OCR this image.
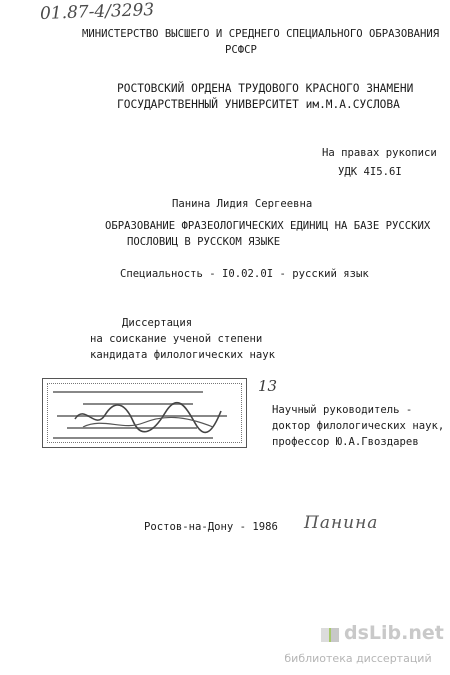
01.87-4/3293
МИНИСТЕРСТВО ВЫСШЕГО И СРЕДНЕГО СПЕЦИАЛЬНОГО ОБРАЗОВАНИЯ
РСФСР
РОСТОВСКИЙ ОРДЕНА ТРУДОВОГО КРАСНОГО ЗНАМЕНИ
ГОСУДАРСТВЕННЫЙ УНИВЕРСИТЕТ им.М.А.СУСЛОВА
На правах рукописи
УДК 4I5.6I
Панина Лидия Сергеевна
ОБРАЗОВАНИЕ ФРАЗЕОЛОГИЧЕСКИХ ЕДИНИЦ НА БАЗЕ РУССКИХ
ПОСЛОВИЦ В РУССКОМ ЯЗЫКЕ
Специальность - I0.02.0I - русский язык
Диссертация
на соискание ученой степени
кандидата филологических наук
13
Научный руководитель -
доктор филологических наук,
профессор Ю.А.Гвоздарев
Ростов-на-Дону - 1986 Панина
dsLib.net
библиотека диссертаций
